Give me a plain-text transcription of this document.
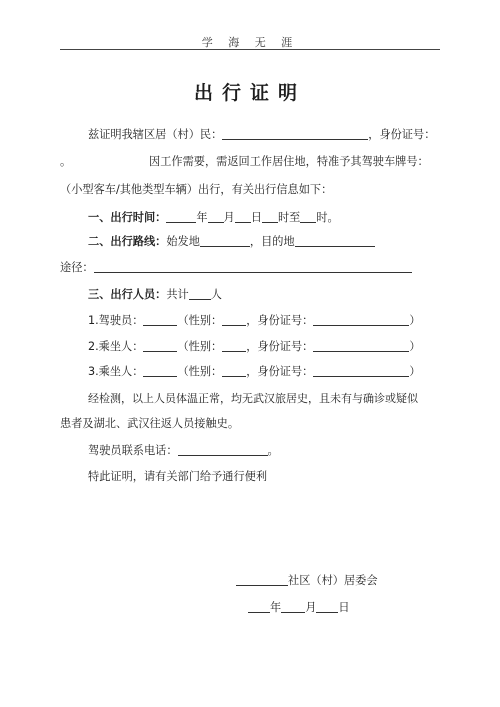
学 海 无 涯
出行证明
兹证明我辖区居（村）民：	，身份证号：
。	因工作需要，需返回工作居住地，特准予其驾驶车牌号：
（小型客车/其他类型车辆）出行，有关出行信息如下：
一、出行时间：	年 月 日 时至 时。
二、出行路线：始发地	，目的地
途径：
三、出行人员：共计 人
1.驾驶员：	（性别： ，身份证号：	）
2.乘坐人：	（性别： ，身份证号：	）
3.乘坐人：	（性别： ，身份证号：	）
经检测，以上人员体温正常，均无武汉旅居史，且未有与确诊或疑似
患者及湖北、武汉往返人员接触史。
驾驶员联系电话：	。
特此证明，请有关部门给予通行便利
社区（村）居委会
年 月 日
